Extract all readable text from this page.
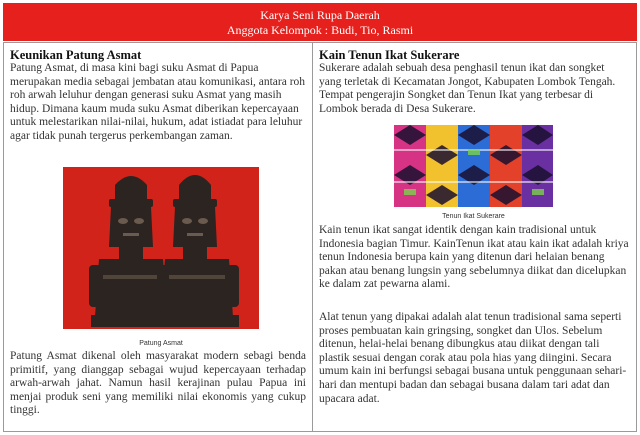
Karya Seni Rupa Daerah
Anggota Kelompok : Budi, Tio, Rasmi
Keunikan Patung Asmat
Patung Asmat, di masa kini bagi suku Asmat di Papua merupakan media sebagai jembatan atau komunikasi, antara roh roh arwah leluhur dengan generasi suku Asmat yang masih hidup. Dimana kaum muda suku Asmat diberikan kepercayaan untuk melestarikan nilai-nilai, hukum, adat istiadat para leluhur agar tidak punah tergerus perkembangan zaman.
Patung Asmat
Patung Asmat dikenal oleh masyarakat modern sebagi benda primitif, yang dianggap sebagai wujud kepercayaan terhadap arwah-arwah jahat. Namun hasil kerajinan pulau Papua ini menjai produk seni yang memiliki nilai ekonomis yang cukup tinggi.
Kain Tenun Ikat Sukerare
Sukerare adalah sebuah desa penghasil tenun ikat dan songket yang terletak di Kecamatan Jongot, Kabupaten Lombok Tengah. Tempat pengerajin Songket dan Tenun Ikat yang terbesar di Lombok berada di Desa Sukerare.
Tenun Ikat Sukerare
Kain tenun ikat sangat identik dengan kain tradisional untuk Indonesia bagian Timur. KainTenun ikat atau kain ikat adalah kriya tenun Indonesia berupa kain yang ditenun dari helaian benang pakan atau benang lungsin yang sebelumnya diikat dan dicelupkan ke dalam zat pewarna alami.
Alat tenun yang dipakai adalah alat tenun tradisional sama seperti proses pembuatan kain gringsing, songket dan Ulos. Sebelum ditenun, helai-helai benang dibungkus atau diikat dengan tali plastik sesuai dengan corak atau pola hias yang diingini. Secara umum kain ini berfungsi sebagai busana untuk penggunaan sehari-hari dan mentupi badan dan sebagai busana dalam tari adat dan upacara adat.
